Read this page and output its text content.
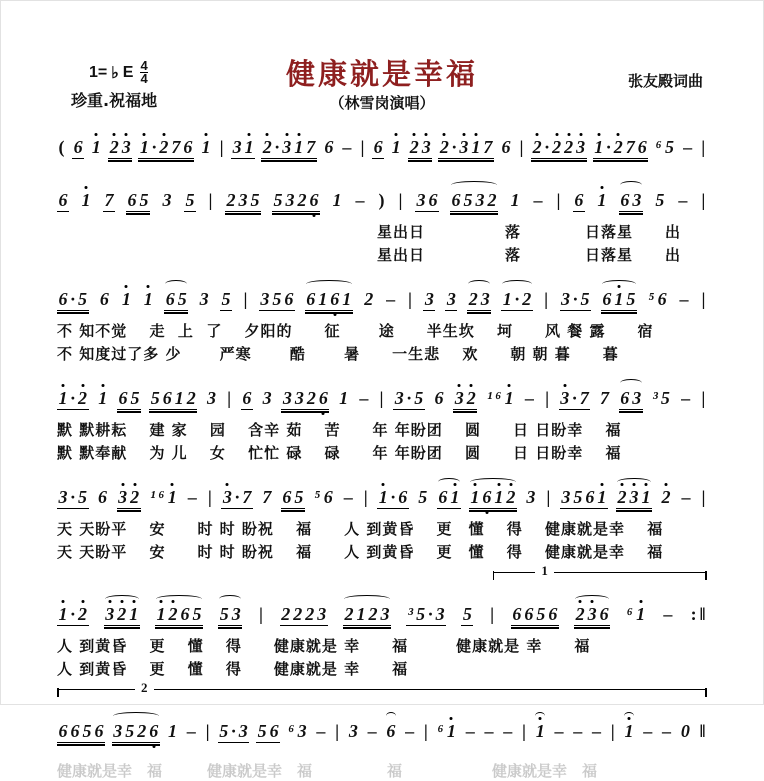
1= ♭ E $\frac{4}{4}$
珍重.祝福地
健康就是幸福
（林雪岗演唱）
张友殿词曲
( 6 1 2 3 1 · 2 7 6 1 | 3 1 2 · 3 1 7 6 – | 6 1 2 3 2 · 3 1 7 6 | 2 · 2 2 3 1 · 2 7 6 ⁶ 5 – |
6 1 7 6 5 3 5 | 2 3 5 5 3 2 6 1 – ) | 3 6 6 5 3 2 1 – | 6 1 6 3 5 – |
　　　　　　　　　　　　　　　　　　　　星出日　　　　　落　　　　日落星　　出
　　　　　　　　　　　　　　　　　　　　星出日　　　　　落　　　　日落星　　出
6 · 5 6 1 1 6 5 3 5 | 3 5 6 6 1 6 1 2 – | 3 3 2 3 1 · 2 | 3 · 5 6 1 5 ⁵ 6 – |
不 知不觉　 走  上  了　 夕阳的　　征　　 途　　半生坎　 坷　　风 餐 露　　宿
不 知度过了多 少　　 严寒　　 酷　　 暑　　一生悲　 欢　　朝 朝 暮　　暮
1 · 2 1 6 5 5 6 1 2 3 | 6 3 3 3 2 6 1 – | 3 · 5 6 3 2 ¹ ⁶ 1 – | 3 · 7 7 6 3 ³ 5 – |
默 默耕耘　 建 家　 园　 含辛 茹　 苦　　年 年盼团　 圆　　日 日盼幸　 福
默 默奉献　 为 儿　 女　 忙忙 碌　 碌　　年 年盼团　 圆　　日 日盼幸　 福
3 · 5 6 3 2 ¹ ⁶ 1 – | 3 · 7 7 6 5 ⁵ 6 – | 1 · 6 5 6 1 1 6 1 2 3 | 3 5 6 1 2 3 1 2 – |
天 天盼平　 安　　时 时 盼祝　 福　　人 到黄昏　 更　懂　 得　 健康就是幸　 福
天 天盼平　 安　　时 时 盼祝　 福　　人 到黄昏　 更　懂　 得　 健康就是幸　 福
1
1 · 2 3 2 1 1 2 6 5 5 3 | 2 2 2 3 2 1 2 3 ³ 5 · 3 5 | 6 6 5 6 2 3 6 ⁶ 1 – : ‖
人 到黄昏　 更　 懂　 得　　健康就是 幸　　福　　　健康就是 幸　　福
人 到黄昏　 更　 懂　 得　　健康就是 幸　　福
2
6 6 5 6 3 5 2 6 1 – | 5 · 3 5 6 ⁶ 3 – | 3 – 6 – | ⁶ 1 – – – | 1 – – – | 1 – – 0 ‖
健康就是幸　福　　　健康就是幸　福　　　　　福　　　　　　健康就是幸　福
